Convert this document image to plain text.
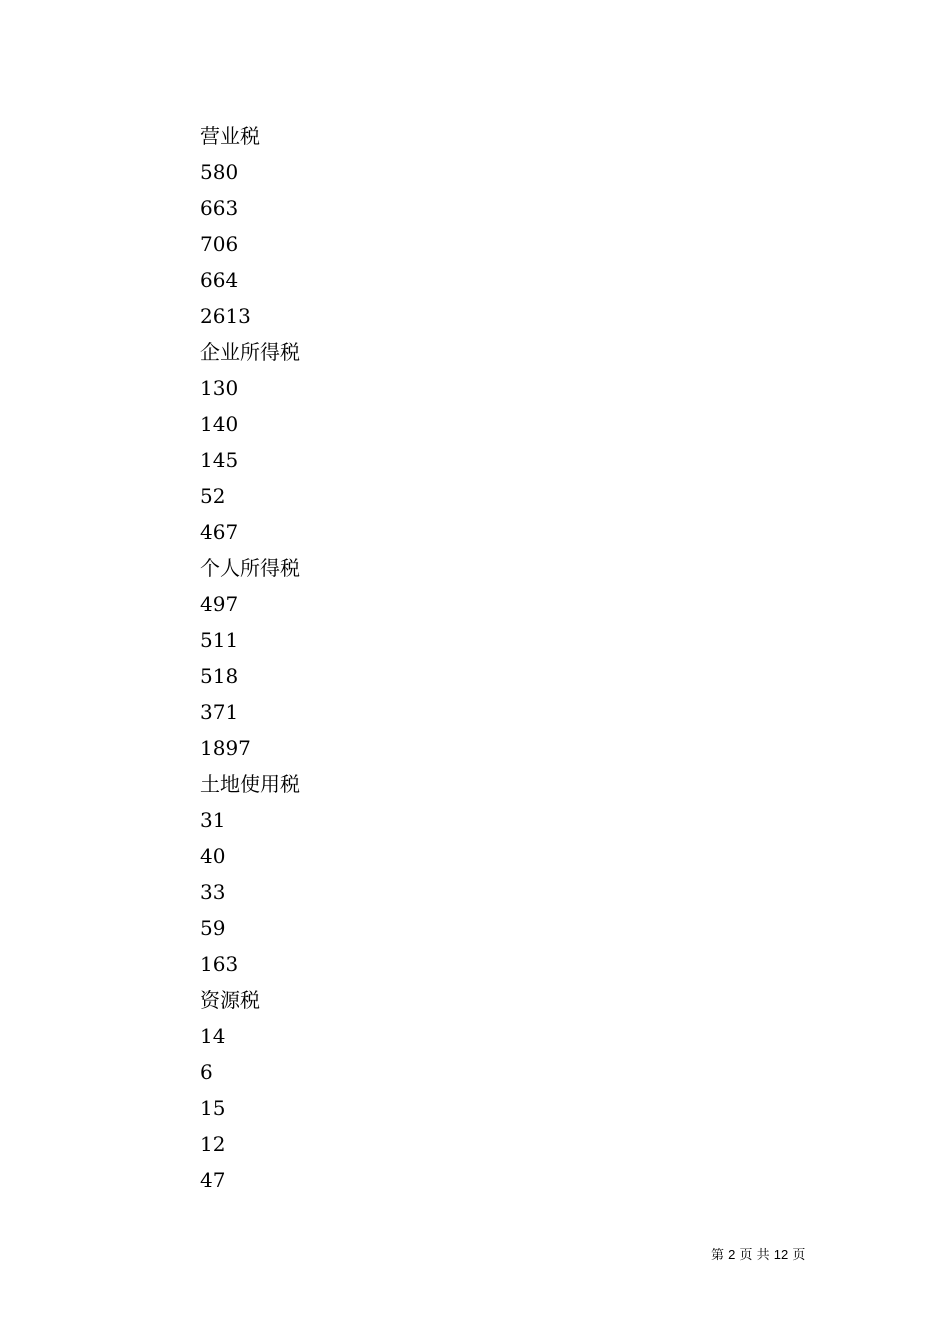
营业税
580
663
706
664
2613
企业所得税
130
140
145
52
467
个人所得税
497
511
518
371
1897
土地使用税
31
40
33
59
163
资源税
14
6
15
12
47
第 2 页 共 12 页
